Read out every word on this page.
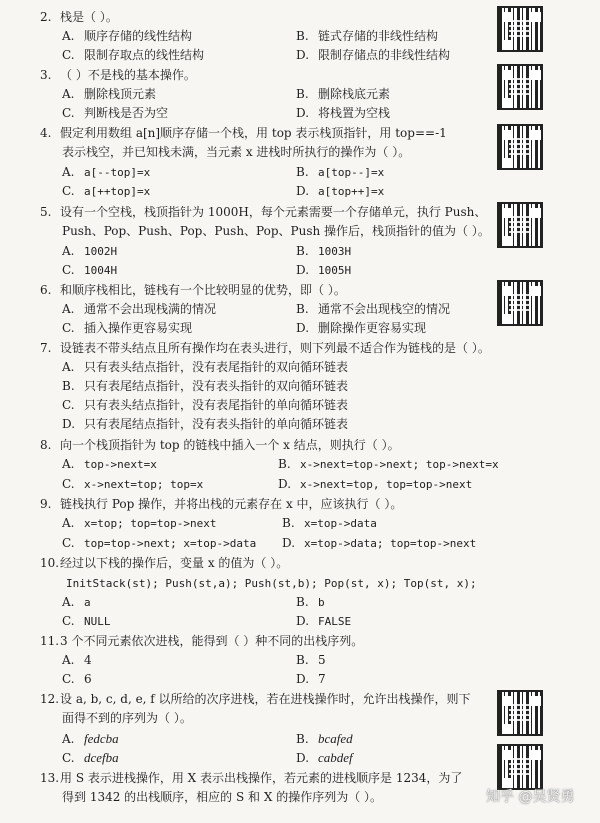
2. 栈是（ ）。
A. 顺序存储的线性结构	B. 链式存储的非线性结构
C. 限制存取点的线性结构	D. 限制存储点的非线性结构
3. （ ）不是栈的基本操作。
A. 删除栈顶元素	B. 删除栈底元素
C. 判断栈是否为空	D. 将栈置为空栈
4. 假定利用数组 a[n]顺序存储一个栈，用 top 表示栈顶指针，用 top==-1
表示栈空，并已知栈未满，当元素 x 进栈时所执行的操作为（ ）。
A. a[--top]=x	B. a[top--]=x
C. a[++top]=x	D. a[top++]=x
5. 设有一个空栈，栈顶指针为 1000H，每个元素需要一个存储单元，执行 Push、
Push、Pop、Push、Pop、Push、Pop、Push 操作后，栈顶指针的值为（ ）。
A. 1002H	B. 1003H
C. 1004H	D. 1005H
6. 和顺序栈相比，链栈有一个比较明显的优势，即（ ）。
A. 通常不会出现栈满的情况	B. 通常不会出现栈空的情况
C. 插入操作更容易实现	D. 删除操作更容易实现
7. 设链表不带头结点且所有操作均在表头进行，则下列最不适合作为链栈的是（ ）。
A. 只有表头结点指针，没有表尾指针的双向循环链表
B. 只有表尾结点指针，没有表头指针的双向循环链表
C. 只有表头结点指针，没有表尾指针的单向循环链表
D. 只有表尾结点指针，没有表头指针的单向循环链表
8. 向一个栈顶指针为 top 的链栈中插入一个 x 结点，则执行（ ）。
A. top->next=x	B. x->next=top->next; top->next=x
C. x->next=top; top=x	D. x->next=top, top=top->next
9. 链栈执行 Pop 操作，并将出栈的元素存在 x 中，应该执行（ ）。
A. x=top; top=top->next	B. x=top->data
C. top=top->next; x=top->data D. x=top->data; top=top->next
10.经过以下栈的操作后，变量 x 的值为（ ）。
InitStack(st); Push(st,a); Push(st,b); Pop(st, x); Top(st, x);
A. a	B. b
C. NULL	D. FALSE
11.3 个不同元素依次进栈，能得到（ ）种不同的出栈序列。
A. 4	B. 5
C. 6	D. 7
12.设 a, b, c, d, e, f 以所给的次序进栈，若在进栈操作时，允许出栈操作，则下
面得不到的序列为（ ）。
A. fedcba	B. bcafed
C. dcefba	D. cabdef
13.用 S 表示进栈操作，用 X 表示出栈操作，若元素的进栈顺序是 1234，为了
得到 1342 的出栈顺序，相应的 S 和 X 的操作序列为（ ）。	知乎 @吴贤勇
